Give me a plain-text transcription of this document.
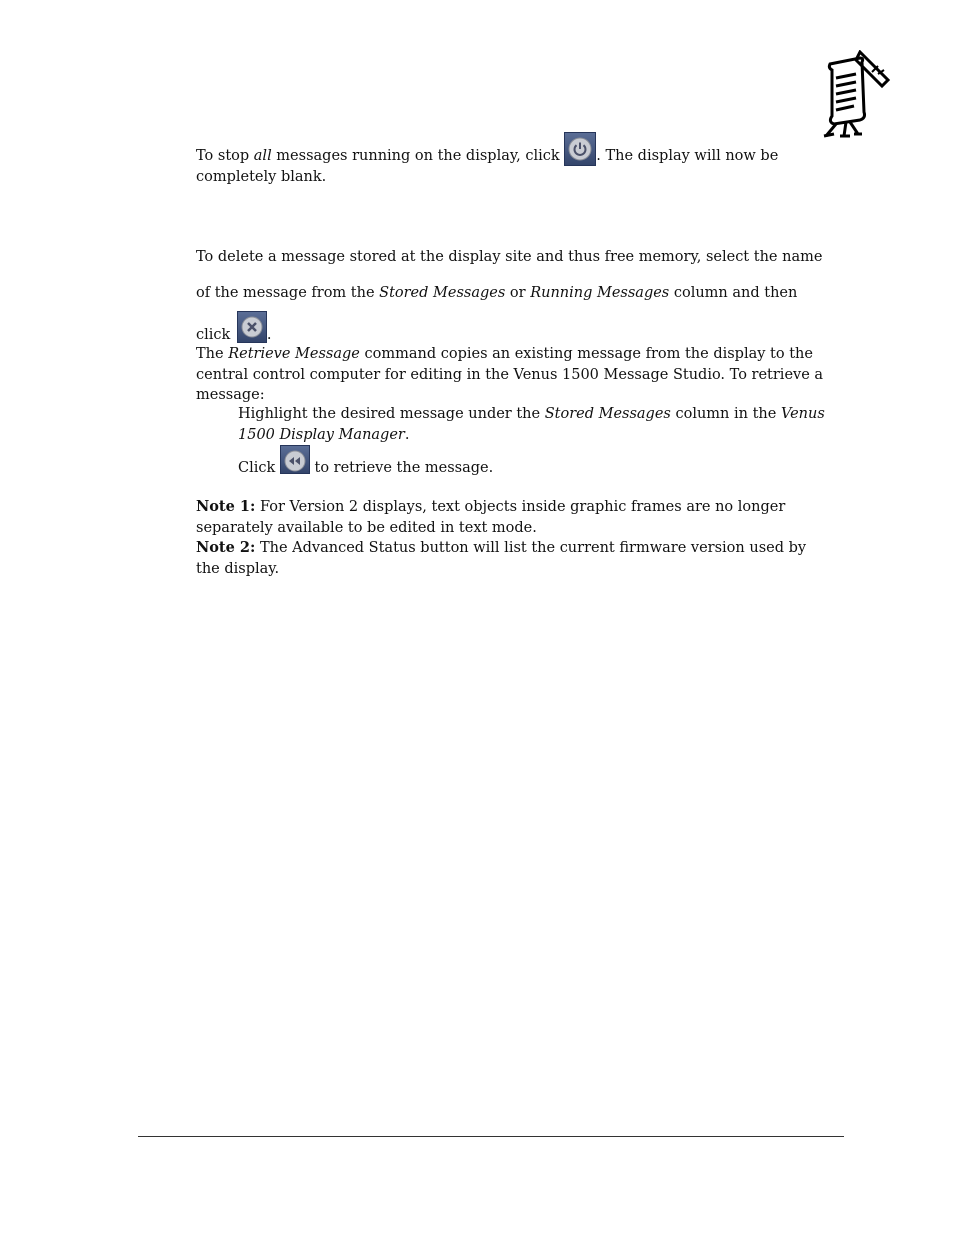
To stop all messages running on the display, click
. The display will now be completely blank.

To delete a message stored at the display site and thus free memory, select the name of the message from the Stored Messages or Running Messages column and then click	.

The Retrieve Message command copies an existing message from the display to the central control computer for editing in the Venus 1500 Message Studio. To retrieve a message:

Highlight the desired message under the Stored Messages column in the Venus 1500 Display Manager.

Click
to retrieve the message.

Note 1: For Version 2 displays, text objects inside graphic frames are no longer separately available to be edited in text mode.

Note 2: The Advanced Status button will list the current firmware version used by the display.
